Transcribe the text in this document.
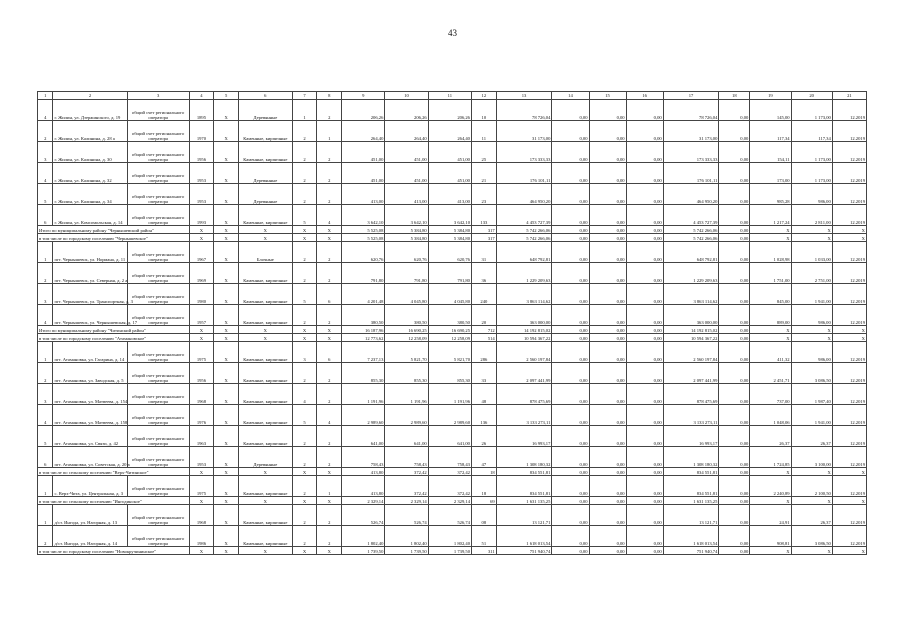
43
1	2	3	4	5	6	7	8	9	10	11	12	13	14	15	16	17	18	19	20	21
4	г. Жилин, ул. Дзержинского, д. 19	общий счет регионального оператора	1895	Х	Деревянные	1	2	206,26	206,26	206,26	10	78 726,04	0,00	0,00	0,00	78 726,04	0,00	145,00	1 173,00	12.2019
2	г. Жилин, ул. Калинина, д. 28 а	общий счет регионального оператора	1970	Х	Каменные, кирпичные	2	1	264,40	264,40	264,40	11	31 173,00	0,00	0,00	0,00	31 173,00	0,00	117,34	117,34	12.2019
3	г. Жилин, ул. Калинина, д. 30	общий счет регионального оператора	1956	Х	Каменные, кирпичные	2	2	451,00	451,00	451,00	25	173 333,33	0,00	0,00	0,00	173 333,33	0,00	154,11	1 173,00	12.2019
4	г. Жилин, ул. Калинина, д. 32	общий счет регионального оператора	1953	Х	Деревянные	2	2	451,00	451,00	451,00	21	176 101,11	0,00	0,00	0,00	176 101,11	0,00	173,00	1 173,00	12.2019
5	г. Жилин, ул. Калинина, д. 34	общий счет регионального оператора	1953	Х	Деревянные	2	2	413,00	413,00	413,00	23	464 950,20	0,00	0,00	0,00	464 950,20	0,00	985,28	986,00	12.2019
6	г. Жилин, ул. Комсомольская, д. 14	общий счет регионального оператора	1993	Х	Каменные, кирпичные	5	4	3 642,10	3 642,10	3 642,10	133	4 453 727,39	0,00	0,00	0,00	4 453 727,39	0,00	1 217,24	2 811,00	12.2019
Итого по муниципальному району "Чернышевский район"			Х	Х	Х	Х	Х	5 525,08	5 384,80	5 384,80	317	5 742 266,06	0,00	0,00	0,00	5 742 266,06	0,00	Х	Х	Х
в том числе по городскому поселению "Чернышевское"			Х	Х	Х	Х	Х	5 525,08	5 384,80	5 384,80	317	5 742 266,06	0,00	0,00	0,00	5 742 266,06	0,00	Х	Х	Х
1	пгт. Чернышевск, ул. Нормана, д. 11	общий счет регионального оператора	1967	Х	Блочные	2	2	620,76	620,76	620,76	31	648 792,81	0,00	0,00	0,00	648 792,81	0,00	1 028,98	1 033,00	12.2019
2	пгт. Чернышевск, ул. Северная, д. 2 а	общий счет регионального оператора	1969	Х	Каменные, кирпичные	2	2	791,80	791,80	791,80	36	1 229 209,63	0,00	0,00	0,00	1 229 209,63	0,00	1 751,00	2 751,00	12.2019
3	пгт. Чернышевск, ул. Транспортная, д. 3	общий счет регионального оператора	1980	Х	Каменные, кирпичные	5	6	4 201,48	4 045,80	4 045,80	240	3 863 114,62	0,00	0,00	0,00	3 863 114,62	0,00	845,00	1 941,00	12.2019
4	пгт. Чернышевск, ул. Чернышевская, д. 17	общий счет регионального оператора	1957	Х	Каменные, кирпичные	2	2	380,50	380,50	380,50	20	363 000,00	0,00	0,00	0,00	363 000,00	0,00	889,00	986,00	12.2019
Итого по муниципальному району "Читинский район"			Х	Х	Х	Х	Х	16 187,96	16 690,25	16 690,25	712	14 192 815,02	0,00	0,00	0,00	14 192 815,02	0,00	Х	Х	Х
в том числе по городскому поселению "Атамановское"			Х	Х	Х	Х	Х	12 773,62	12 258,09	12 258,09	514	10 594 367,22	0,00	0,00	0,00	10 594 367,22	0,00	Х	Х	Х
1	пгт. Атамановка, ул. Гагарина, д. 14	общий счет регионального оператора	1975	Х	Каменные, кирпичные	3	6	7 237,13	5 821,70	5 821,70	286	2 560 197,84	0,00	0,00	0,00	2 560 197,84	0,00	411,32	986,00	12.2019
2	пгт. Атамановка, ул. Заводская, д. 5	общий счет регионального оператора	1956	Х	Каменные, кирпичные	2	2	855,30	855,30	855,30	33	2 097 441,99	0,00	0,00	0,00	2 097 441,99	0,00	2 451,71	3 086,50	12.2019
3	пгт. Атамановка, ул. Матвеева, д. 154	общий счет регионального оператора	1968	Х	Каменные, кирпичные	4	2	1 191,96	1 191,96	1 191,96	48	878 475,69	0,00	0,00	0,00	878 475,69	0,00	737,00	1 987,40	12.2019
4	пгт. Атамановка, ул. Матвеева, д. 158	общий счет регионального оператора	1976	Х	Каменные, кирпичные	5	4	2 989,60	2 989,60	2 989,60	136	3 133 273,11	0,00	0,00	0,00	3 133 273,11	0,00	1 048,06	1 941,00	12.2019
5	пгт. Атамановка, ул. Связи, д. 42	общий счет регионального оператора	1963	Х	Каменные, кирпичные	2	2	641,00	641,00	641,00	26	16 993,17	0,00	0,00	0,00	16 993,17	0,00	26,37	26,37	12.2019
6	пгт. Атамановка, ул. Советская, д. 20 а	общий счет регионального оператора	1953	Х	Деревянные	2	2	758,43	758,43	758,43	47	1 308 180,32	0,00	0,00	0,00	1 308 180,32	0,00	1 724,85	3 100,00	12.2019
в том числе по сельскому поселению "Верх-Читинское"			Х	Х	Х	Х	Х	413,80	372,42	372,42	18	834 551,81	0,00	0,00	0,00	834 551,81	0,00	Х	Х	Х
1	с. Верх-Чита, ул. Центральная, д. 3	общий счет регионального оператора	1975	Х	Каменные, кирпичные	2	1	413,80	372,42	372,42	18	834 551,81	0,00	0,00	0,00	834 551,81	0,00	2 240,89	2 100,50	12.2019
в том числе по сельскому поселению "Ингодинское"			Х	Х	Х	Х	Х	2 329,14	2 329,14	2 329,14	69	1 631 135,25	0,00	0,00	0,00	1 631 135,25	0,00	Х	Х	Х
1	д/ст. Ингода, ул. Нагорная, д. 13	общий счет регионального оператора	1968	Х	Каменные, кирпичные	2	2	526,74	526,74	526,74	08	13 121,71	0,00	0,00	0,00	13 121,71	0,00	24,91	26,37	12.2019
2	д/ст. Ингода, ул. Нагорная, д. 14	общий счет регионального оператора	1986	Х	Каменные, кирпичные	2	2	1 802,40	1 802,40	1 802,40	51	1 618 013,54	0,00	0,00	0,00	1 618 013,54	0,00	908,81	3 086,50	12.2019
в том числе по городскому поселению "Новокручининское"			Х	Х	Х	Х	Х	1 739,50	1 739,50	1 739,50	311	751 940,74	0,00	0,00	0,00	751 940,74	0,00	Х	Х	Х
